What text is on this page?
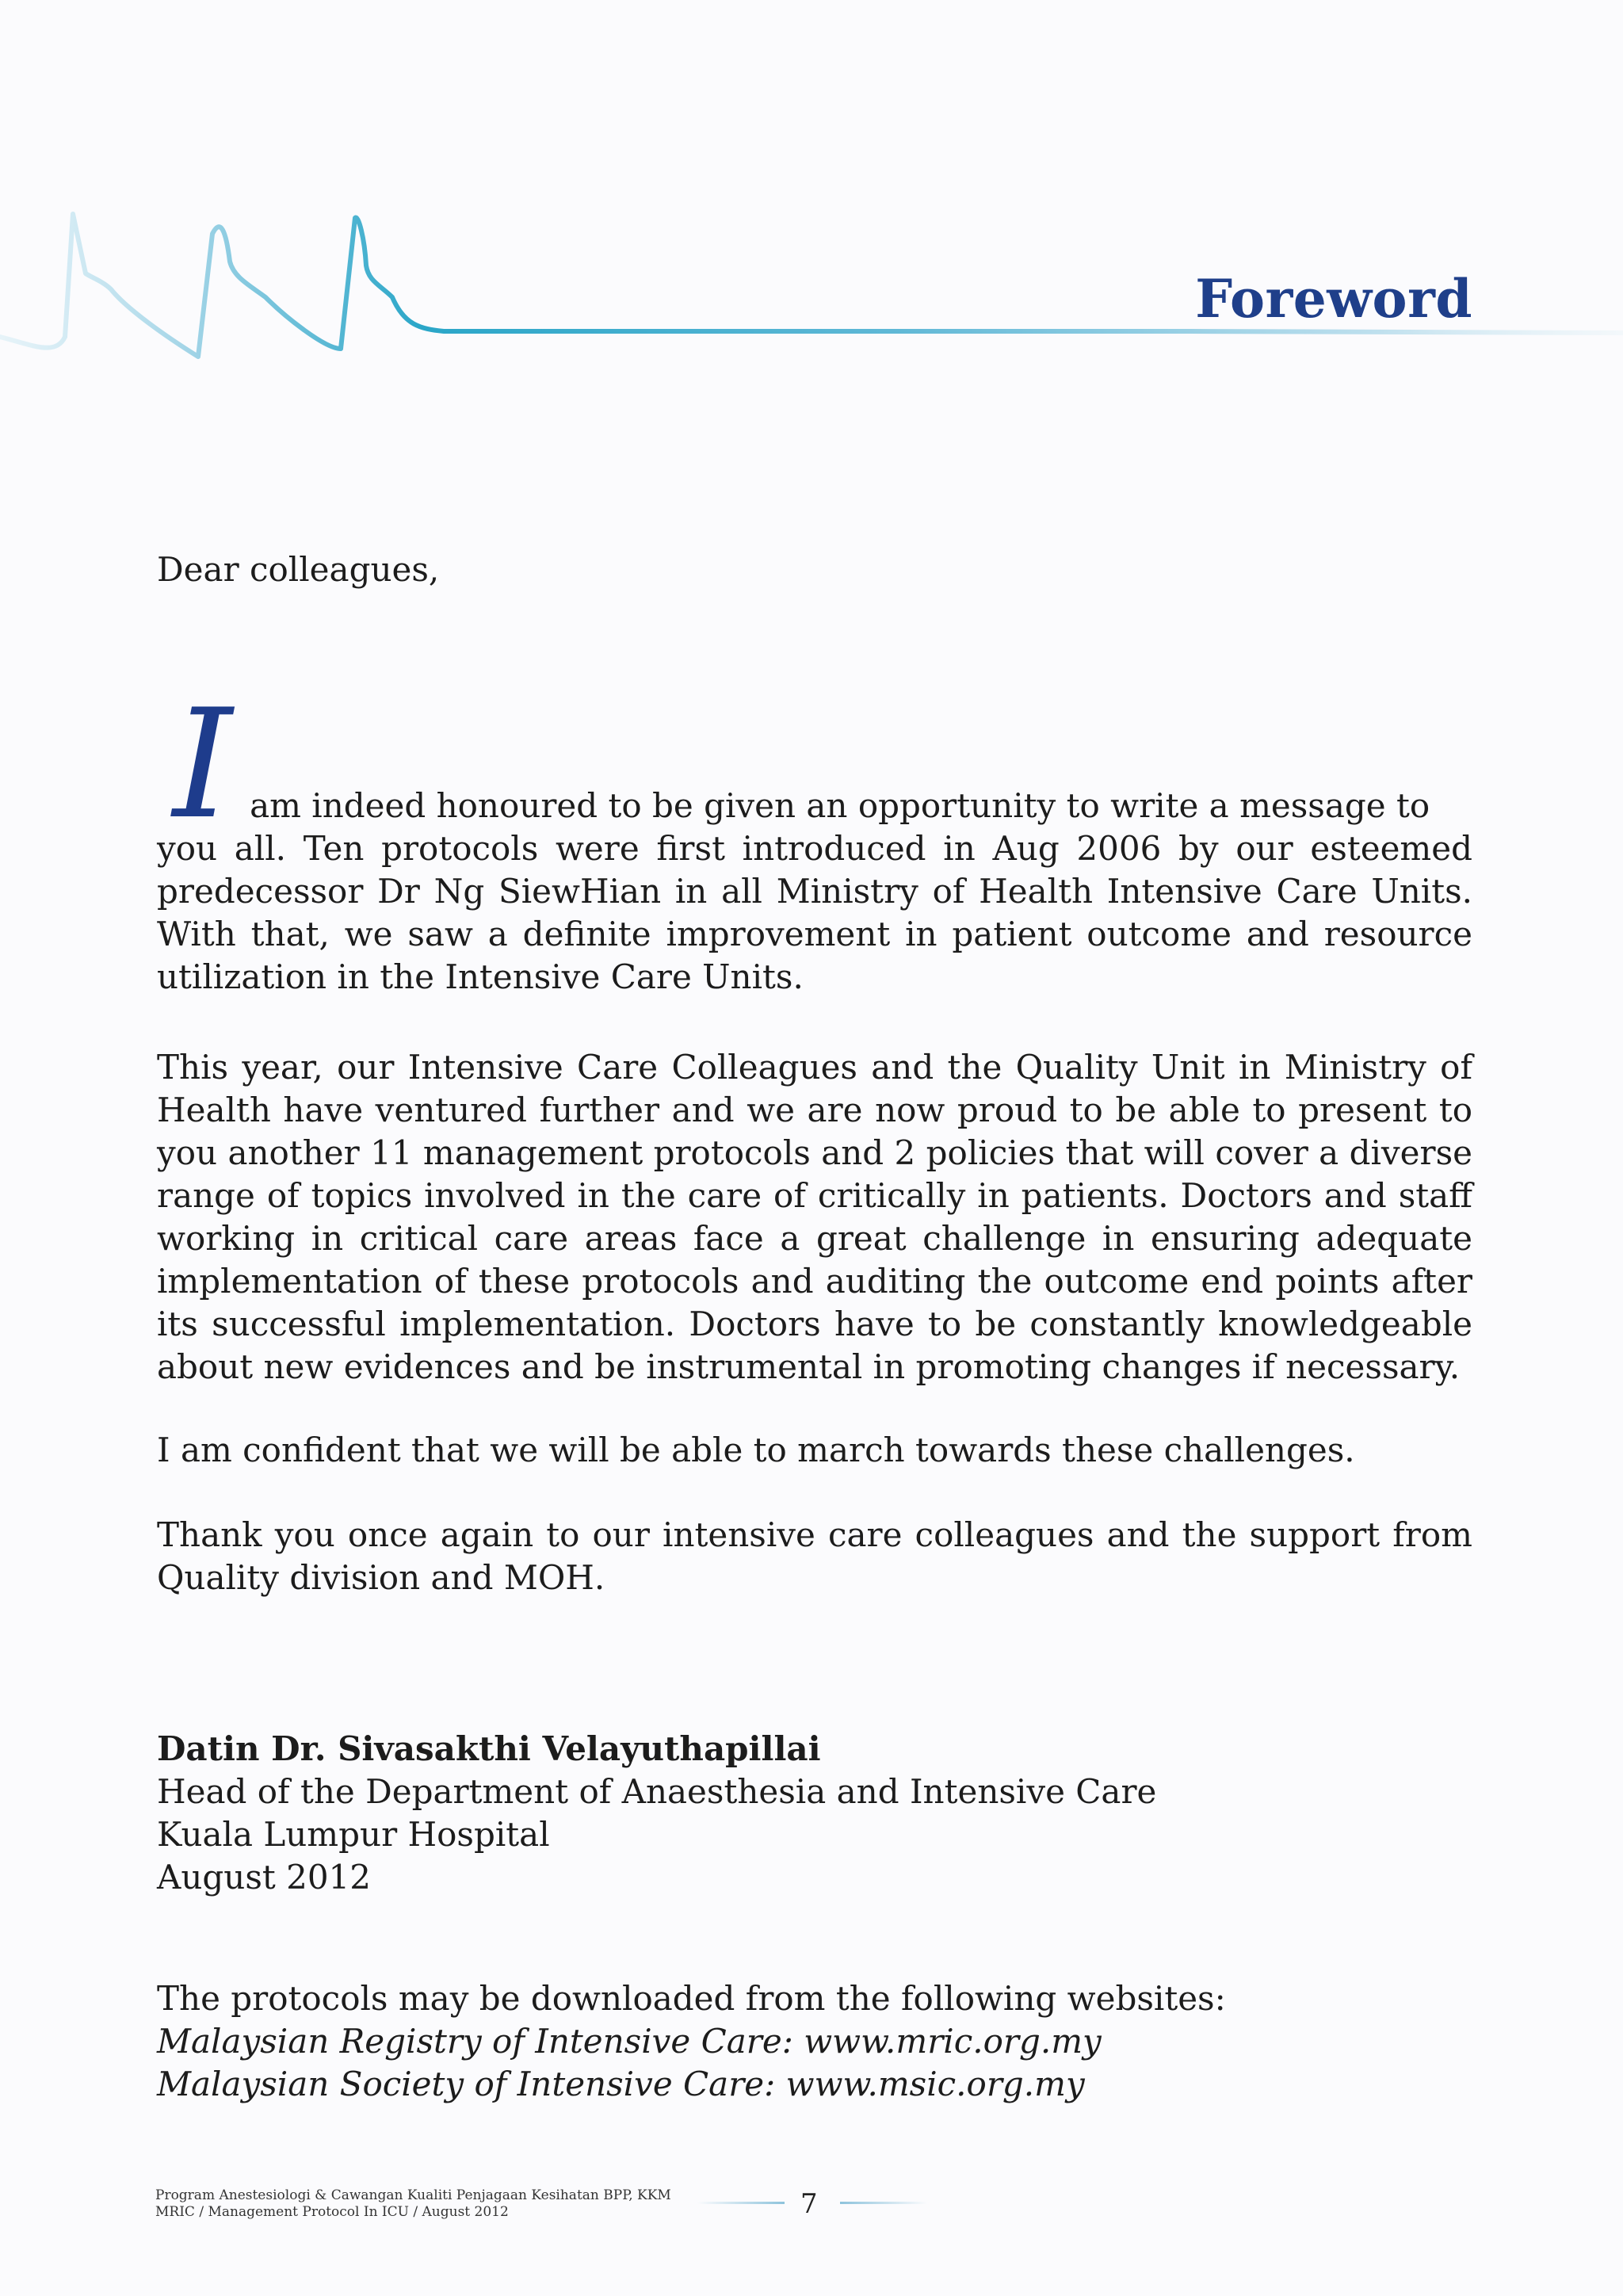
Foreword
Dear colleagues,
I am indeed honoured to be given an opportunity to write a message to

you all. Ten protocols were first introduced in Aug 2006 by our esteemed predecessor Dr Ng SiewHian in all Ministry of Health Intensive Care Units. With that, we saw a definite improvement in patient outcome and resource utilization in the Intensive Care Units.

This year, our Intensive Care Colleagues and the Quality Unit in Ministry of Health have ventured further and we are now proud to be able to present to you another 11 management protocols and 2 policies that will cover a diverse range of topics involved in the care of critically in patients. Doctors and staff working in critical care areas face a great challenge in ensuring adequate implementation of these protocols and auditing the outcome end points after its successful implementation. Doctors have to be constantly knowledgeable about new evidences and be instrumental in promoting changes if necessary.

I am confident that we will be able to march towards these challenges.

Thank you once again to our intensive care colleagues and the support from Quality division and MOH.

Datin Dr. Sivasakthi Velayuthapillai
Head of the Department of Anaesthesia and Intensive Care
Kuala Lumpur Hospital
August 2012
The protocols may be downloaded from the following websites:
Malaysian Registry of Intensive Care: www.mric.org.my
Malaysian Society of Intensive Care: www.msic.org.my
Program Anestesiologi & Cawangan Kualiti Penjagaan Kesihatan BPP, KKM
MRIC / Management Protocol In ICU / August 2012	7
